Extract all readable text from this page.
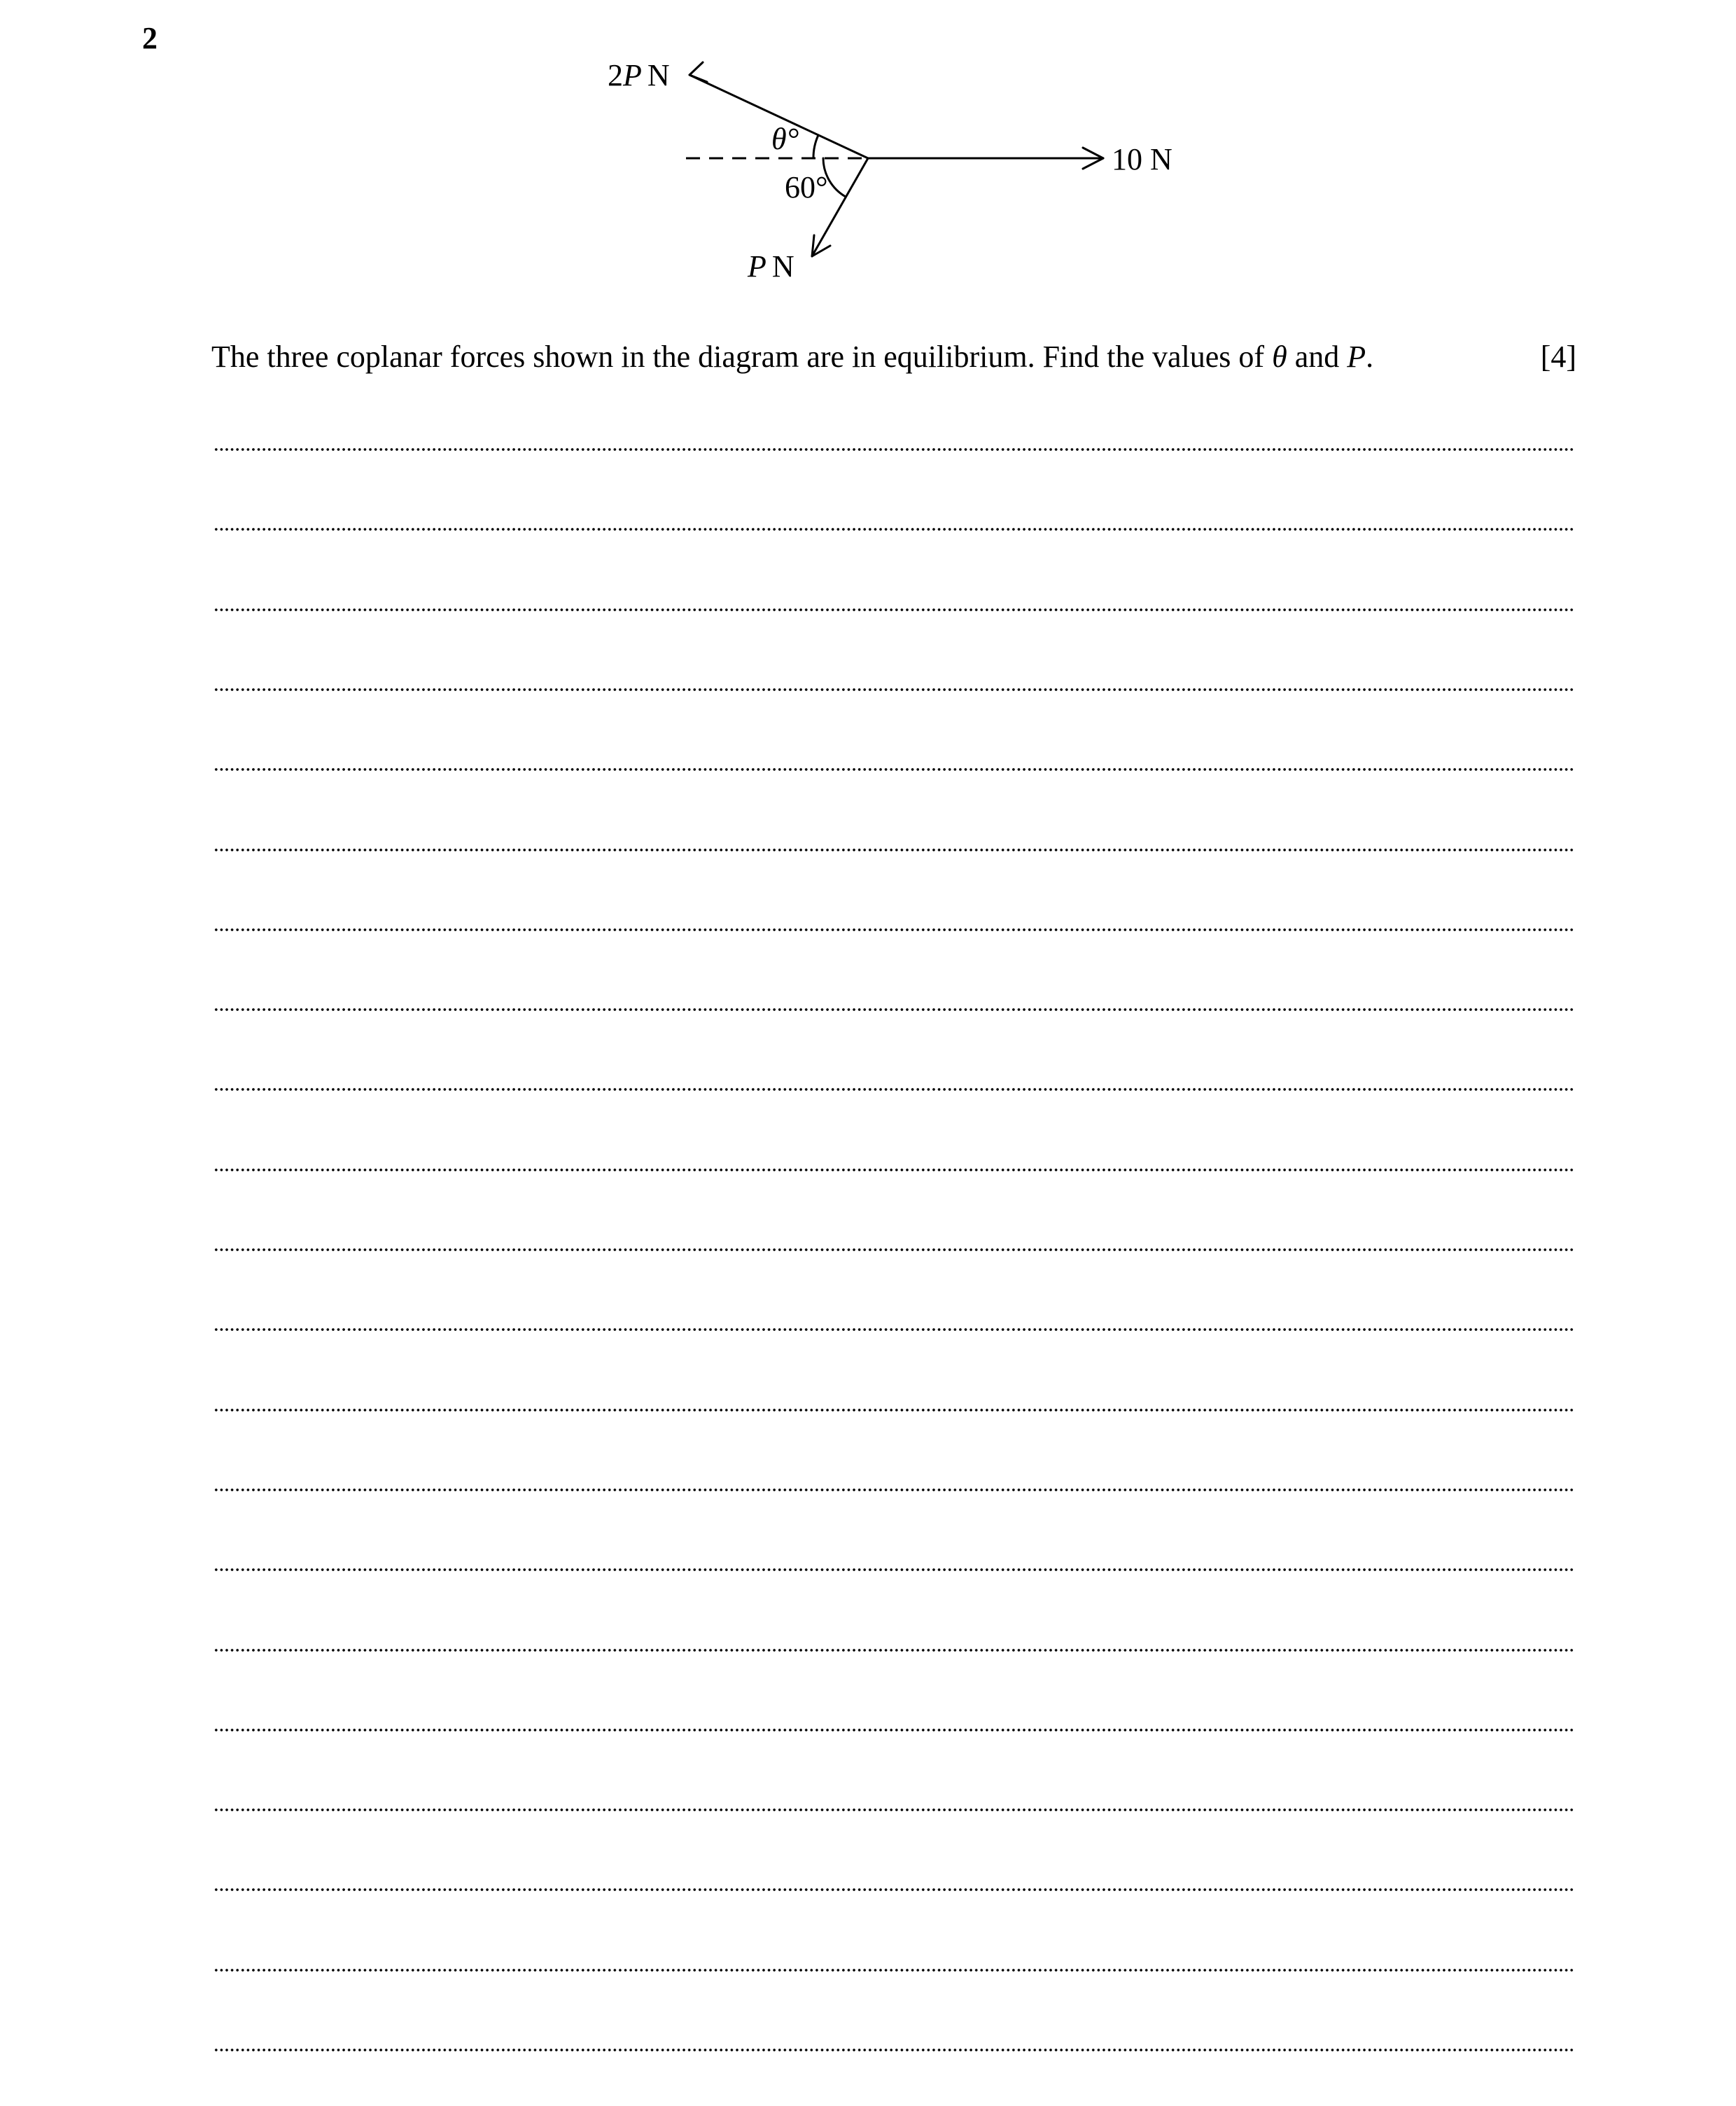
2
2P N
10 N
P N
θ°
60°
The three coplanar forces shown in the diagram are in equilibrium. Find the values of θ and P.	[4]
